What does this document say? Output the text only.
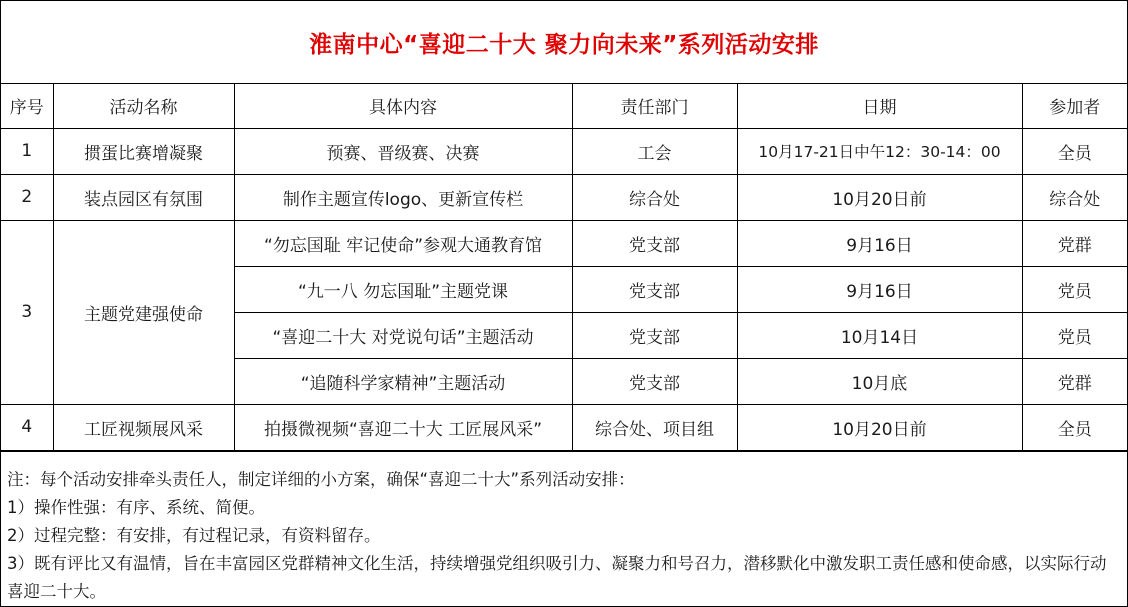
淮南中心“喜迎二十大 聚力向未来”系列活动安排
序号	活动名称	具体内容	责任部门	日期	参加者
1	掼蛋比赛增凝聚	预赛、晋级赛、决赛	工会	10月17-21日中午12：30-14：00	全员
2	装点园区有氛围	制作主题宣传logo、更新宣传栏	综合处	10月20日前	综合处
3	主题党建强使命	“勿忘国耻 牢记使命”参观大通教育馆	党支部	9月16日	党群
		“九一八 勿忘国耻”主题党课	党支部	9月16日	党员
		“喜迎二十大 对党说句话”主题活动	党支部	10月14日	党员
		“追随科学家精神”主题活动	党支部	10月底	党群
4	工匠视频展风采	拍摄微视频“喜迎二十大 工匠展风采”	综合处、项目组	10月20日前	全员

注：每个活动安排牵头责任人，制定详细的小方案，确保“喜迎二十大”系列活动安排：

1）操作性强：有序、系统、简便。

2）过程完整：有安排，有过程记录，有资料留存。

3）既有评比又有温情，旨在丰富园区党群精神文化生活，持续增强党组织吸引力、凝聚力和号召力，潜移默化中激发职工责任感和使命感，以实际行动喜迎二十大。
